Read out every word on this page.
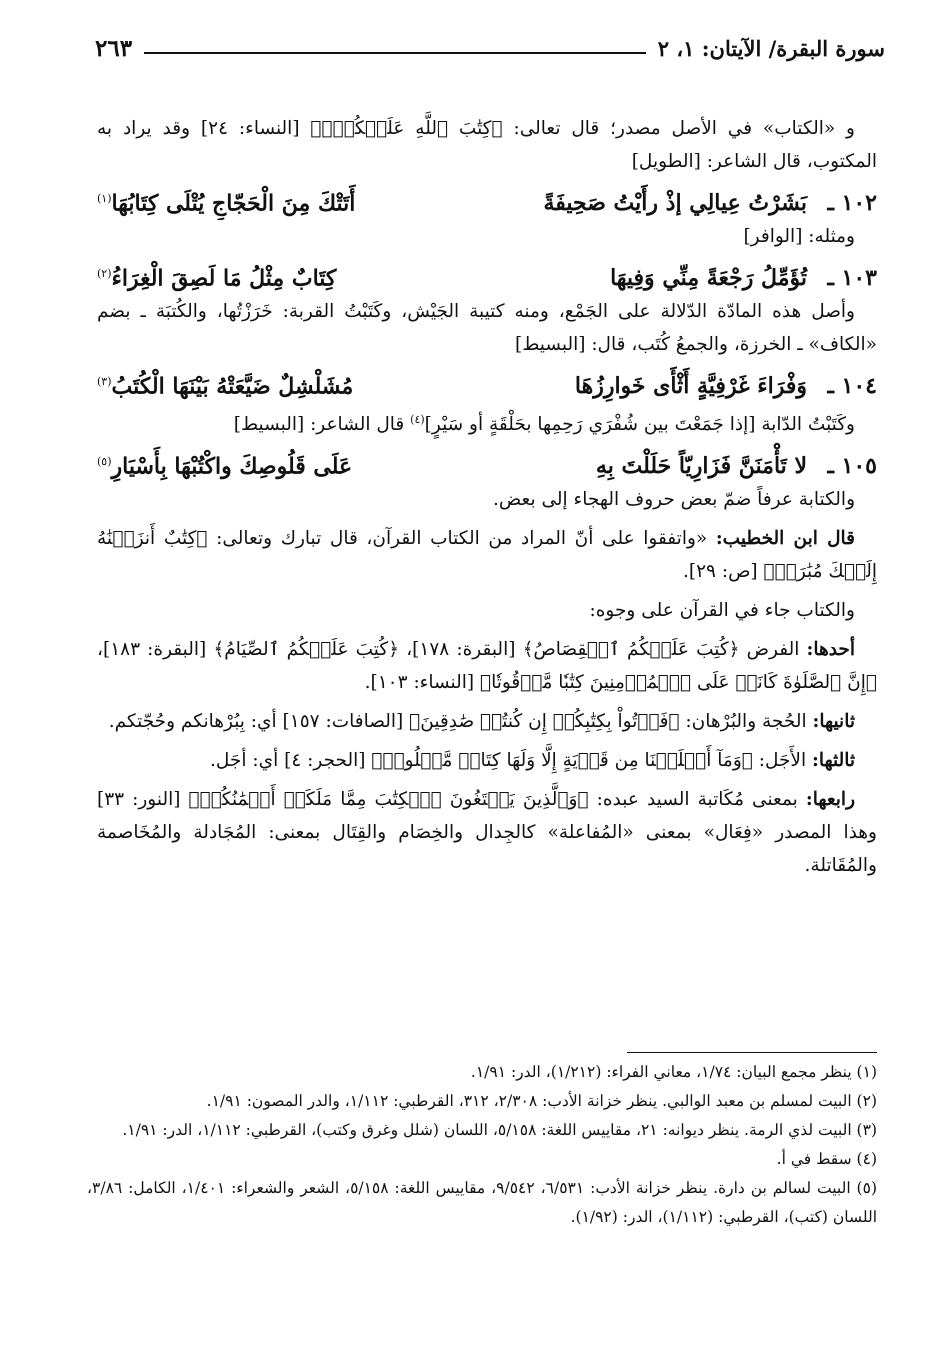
سورة البقرة/ الآيتان: ١، ٢
٢٦٣

و «الكتاب» في الأصل مصدر؛ قال تعالى: ﴿كِتَٰبَ ٱللَّهِ عَلَيۡكُمۡۚ﴾ [النساء: ٢٤] وقد يراد به المكتوب، قال الشاعر: [الطويل]

١٠٢ ـ
بَشَرْتُ عِيالِي إذْ رأَيْتُ صَحِيفَةً
أَتَتْكَ مِنَ الْحَجّاجِ يُتْلَى كِتَابُهَا$^{(١)}$

ومثله: [الوافر]

١٠٣ ـ
تُؤَمِّلُ رَجْعَةً مِنِّي وَفِيهَا
كِتَابٌ مِثْلُ مَا لَصِقَ الْغِرَاءُ$^{(٢)}$

وأصل هذه المادّة الدّلالة على الجَمْع، ومنه كتيبة الجَيْش، وكَتَبْتُ القربة: خَرَزْتُها، والكُتبَة ـ بضم «الكاف» ـ الخرزة، والجمعُ كُتَب، قال: [البسيط]

١٠٤ ـ
وَفْرَاءَ غَرْفِيَّةٍ أَثْأَى خَوارِزُهَا
مُشَلْشِلٌ ضَيَّعَتْهُ بَيْنَهَا الْكُتَبُ$^{(٣)}$

وكَتَبْتُ الدّابة [إذا جَمَعْتَ بين شُفْرَي رَحِمِها بحَلْقَةٍ أو سَيْرٍ]$^{(٤)}$ قال الشاعر: [البسيط]

١٠٥ ـ
لا تَأْمَنَنَّ فَزَارِيّاً حَلَلْتَ بِهِ
عَلَى قَلُوصِكَ واكْتُبْهَا بِأَسْيَارِ$^{(٥)}$

والكتابة عرفاً ضمّ بعض حروف الهجاء إلى بعض.

قال ابن الخطيب: «واتفقوا على أنّ المراد من الكتاب القرآن، قال تبارك وتعالى: ﴿كِتَٰبٌ أَنزَلۡنَٰهُ إِلَيۡكَ مُبَٰرَكٞ﴾ [ص: ٢٩].

والكتاب جاء في القرآن على وجوه:

أحدها: الفرض ﴿كُتِبَ عَلَيۡكُمُ ٱلۡقِصَاصُ﴾ [البقرة: ١٧٨]، ﴿كُتِبَ عَلَيۡكُمُ ٱلصِّيَامُ﴾ [البقرة: ١٨٣]، ﴿إِنَّ ٱلصَّلَوٰةَ كَانَتۡ عَلَى ٱلۡمُؤۡمِنِينَ كِتَٰبٗا مَّوۡقُوتٗا﴾ [النساء: ١٠٣].

ثانيها: الحُجة والبُرْهان: ﴿فَأۡتُواْ بِكِتَٰبِكُمۡ إِن كُنتُمۡ صَٰدِقِينَ﴾ [الصافات: ١٥٧] أي: بِبُرْهانكم وحُجّتكم.

ثالثها: الأَجَل: ﴿وَمَآ أَهۡلَكۡنَا مِن قَرۡيَةٍ إِلَّا وَلَهَا كِتَابٞ مَّعۡلُومٞ﴾ [الحجر: ٤] أي: أجَل.

رابعها: بمعنى مُكَاتبة السيد عبده: ﴿وَٱلَّذِينَ يَبۡتَغُونَ ٱلۡكِتَٰبَ مِمَّا مَلَكَتۡ أَيۡمَٰنُكُمۡ﴾ [النور: ٣٣] وهذا المصدر «فِعَال» بمعنى «المُفاعلة» كالجِدال والخِصَام والقِتَال بمعنى: المُجَادلة والمُخَاصمة والمُقَاتلة.

(١) ينظر مجمع البيان: ١/٧٤، معاني الفراء: (١/٢١٢)، الدر: ١/٩١.

(٢) البيت لمسلم بن معبد الوالبي. ينظر خزانة الأدب: ٢/٣٠٨، ٣١٢، القرطبي: ١/١١٢، والدر المصون: ١/٩١.

(٣) البيت لذي الرمة. ينظر ديوانه: ٢١، مقاييس اللغة: ٥/١٥٨، اللسان (شلل وغرق وكتب)، القرطبي: ١/١١٢، الدر: ١/٩١.

(٤) سقط في أ.

(٥) البيت لسالم بن دارة. ينظر خزانة الأدب: ٦/٥٣١، ٩/٥٤٢، مقاييس اللغة: ٥/١٥٨، الشعر والشعراء: ١/٤٠١، الكامل: ٣/٨٦، اللسان (كتب)، القرطبي: (١/١١٢)، الدر: (١/٩٢).
